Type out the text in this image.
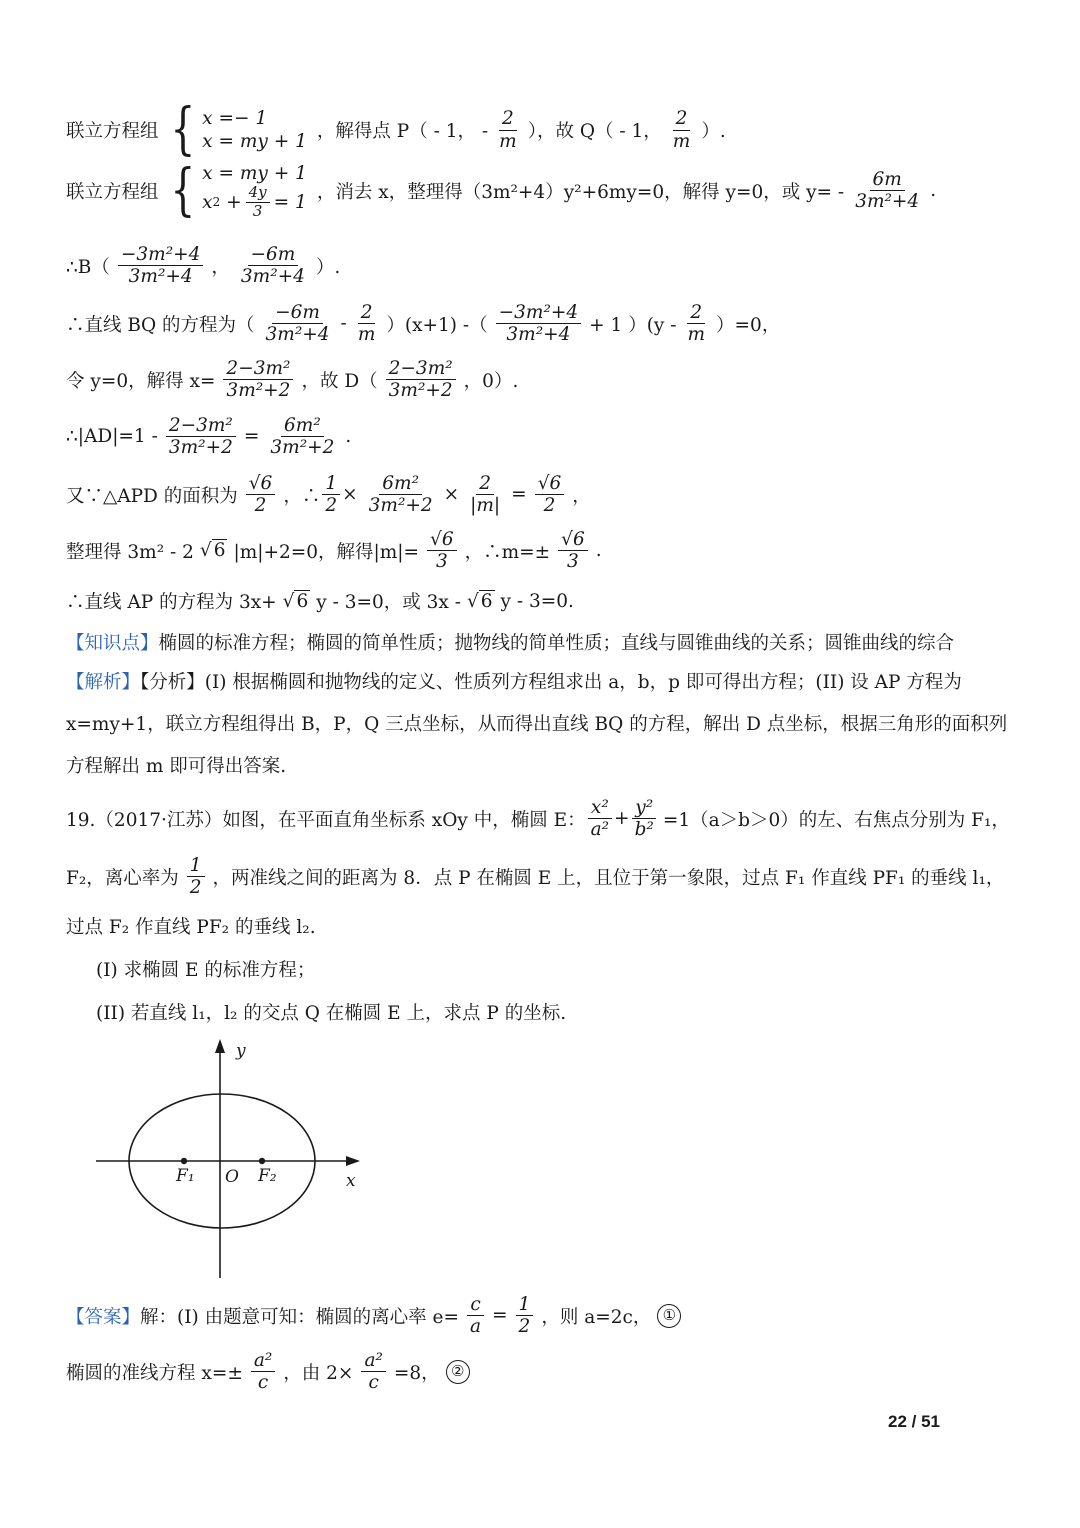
联立方程组 { x =− 1
x = my + 1 ，解得点 P（ - 1， - $\frac{2}{m}$ ），故 Q（ - 1， $\frac{2}{m}$ ）.
联立方程组 { x = my + 1
x $2 + \frac{4y}{3} = 1$ ，消去 x，整理得（3m²+4）y²+6my=0，解得 y=0，或 $y= - \frac{6m}{\text{3m²+4}}$ .
∴B（ $\frac{\text{−3m²+4}}{\text{3m²+4}}$ ， $\frac{-6m}{\text{3m²+4}}$ ）.
∴直线 BQ 的方程为（ $\frac{-6m}{\text{3m²+4}} - \frac{2}{m} )(x+1)$ -（ $\frac{\text{−3m²+4}}{\text{3m²+4}} + 1$ ）$(y - \frac{2}{m} )=0$，
令 y=0，解得 $x= \frac{\text{2−3m²}}{\text{3m²+2}}$ ，故 $D( \frac{\text{2−3m²}}{\text{3m²+2}}$ ，0）.
∴|AD|=1 - $\frac{\text{2−3m²}}{\text{3m²+2}} = \frac{\text{6m²}}{\text{3m²+2}}$ .
又∵△APD 的面积为 $\frac{√6}{2}$ ，∴ $\frac{1}{2} \times \frac{\text{6m²}}{\text{3m²+2}} \times \frac{2}{|m|} = \frac{√6}{2}$ ，
整理得 3m² - 2 √ 6 |m|+2=0，解得$|m|= \frac{√6}{3}$ ，∴m=± $\frac{√6}{3}$ .
∴直线 AP 的方程为 3x+ √ 6 y - 3=0，或 3x - √ 6 y - 3=0.
【知识点】 椭圆的标准方程；椭圆的简单性质；抛物线的简单性质；直线与圆锥曲线的关系；圆锥曲线的综合
【解析】【分析】(I) 根据椭圆和抛物线的定义、性质列方程组求出 a，b，p 即可得出方程；(II) 设 AP 方程为 x=my+1，联立方程组得出 B，P，Q 三点坐标，从而得出直线 BQ 的方程，解出 D 点坐标，根据三角形的面积列方程解出 m 即可得出答案.
19.（2017·江苏）如图，在平面直角坐标系 xOy 中，椭圆 E： $\frac{\text{x²}}{\text{a²}} + \frac{\text{y²}}{\text{b²}} =1(a>b>0)$的左、右焦点分别为 F₁，
F₂，离心率为 $\frac{1}{2}$ ，两准线之间的距离为 8．点 P 在椭圆 E 上，且位于第一象限，过点 F₁ 作直线 PF₁ 的垂线 l₁，
过点 F₂ 作直线 PF₂ 的垂线 l₂.
(I) 求椭圆 E 的标准方程；
(II) 若直线 l₁，l₂ 的交点 Q 在椭圆 E 上，求点 P 的坐标.
y
x
F₁ O F₂
【答案】 解：(I) 由题意可知：椭圆的离心率 $e= \frac{c}{a} = \frac{1}{2}$ ，则 a=2c， ①
椭圆的准线方程 $x=\pm \frac{\text{a²}}{c}$ ，由 $2\times \frac{\text{a²}}{c} =8$， ②
22 / 51
